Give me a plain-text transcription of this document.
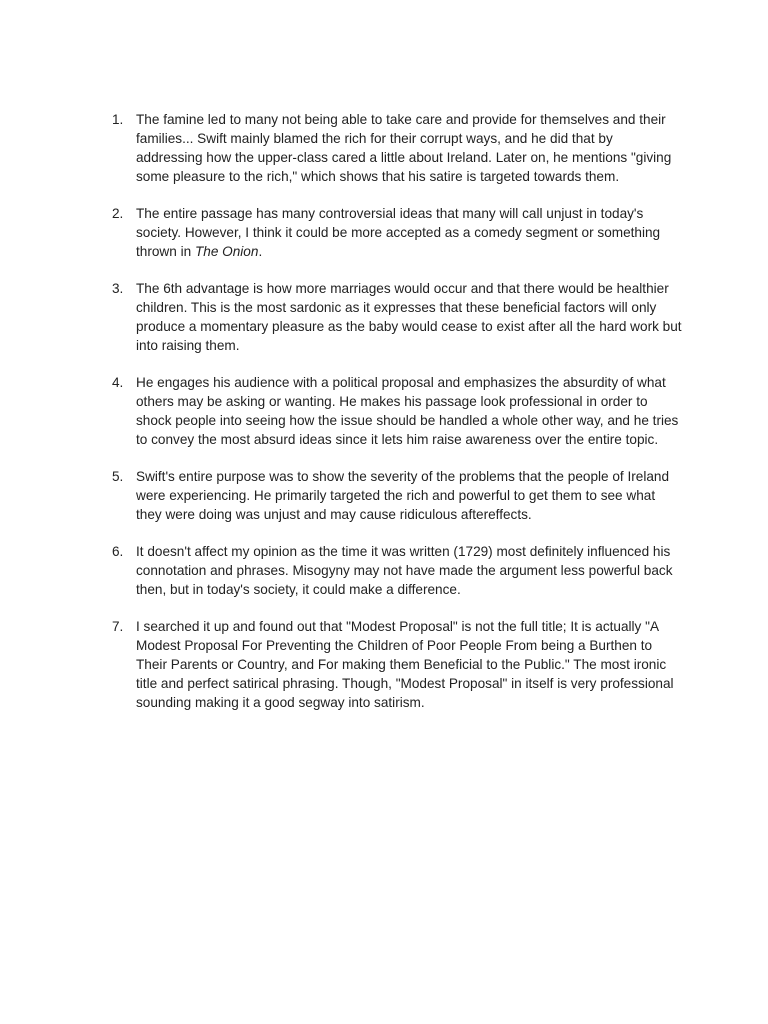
1. The famine led to many not being able to take care and provide for themselves and their families... Swift mainly blamed the rich for their corrupt ways, and he did that by addressing how the upper-class cared a little about Ireland. Later on, he mentions "giving some pleasure to the rich," which shows that his satire is targeted towards them.
2. The entire passage has many controversial ideas that many will call unjust in today's society. However, I think it could be more accepted as a comedy segment or something thrown in The Onion.
3. The 6th advantage is how more marriages would occur and that there would be healthier children. This is the most sardonic as it expresses that these beneficial factors will only produce a momentary pleasure as the baby would cease to exist after all the hard work but into raising them.
4. He engages his audience with a political proposal and emphasizes the absurdity of what others may be asking or wanting. He makes his passage look professional in order to shock people into seeing how the issue should be handled a whole other way, and he tries to convey the most absurd ideas since it lets him raise awareness over the entire topic.
5. Swift's entire purpose was to show the severity of the problems that the people of Ireland were experiencing. He primarily targeted the rich and powerful to get them to see what they were doing was unjust and may cause ridiculous aftereffects.
6. It doesn't affect my opinion as the time it was written (1729) most definitely influenced his connotation and phrases. Misogyny may not have made the argument less powerful back then, but in today's society, it could make a difference.
7. I searched it up and found out that "Modest Proposal" is not the full title; It is actually "A Modest Proposal For Preventing the Children of Poor People From being a Burthen to Their Parents or Country, and For making them Beneficial to the Public." The most ironic title and perfect satirical phrasing. Though, "Modest Proposal" in itself is very professional sounding making it a good segway into satirism.
